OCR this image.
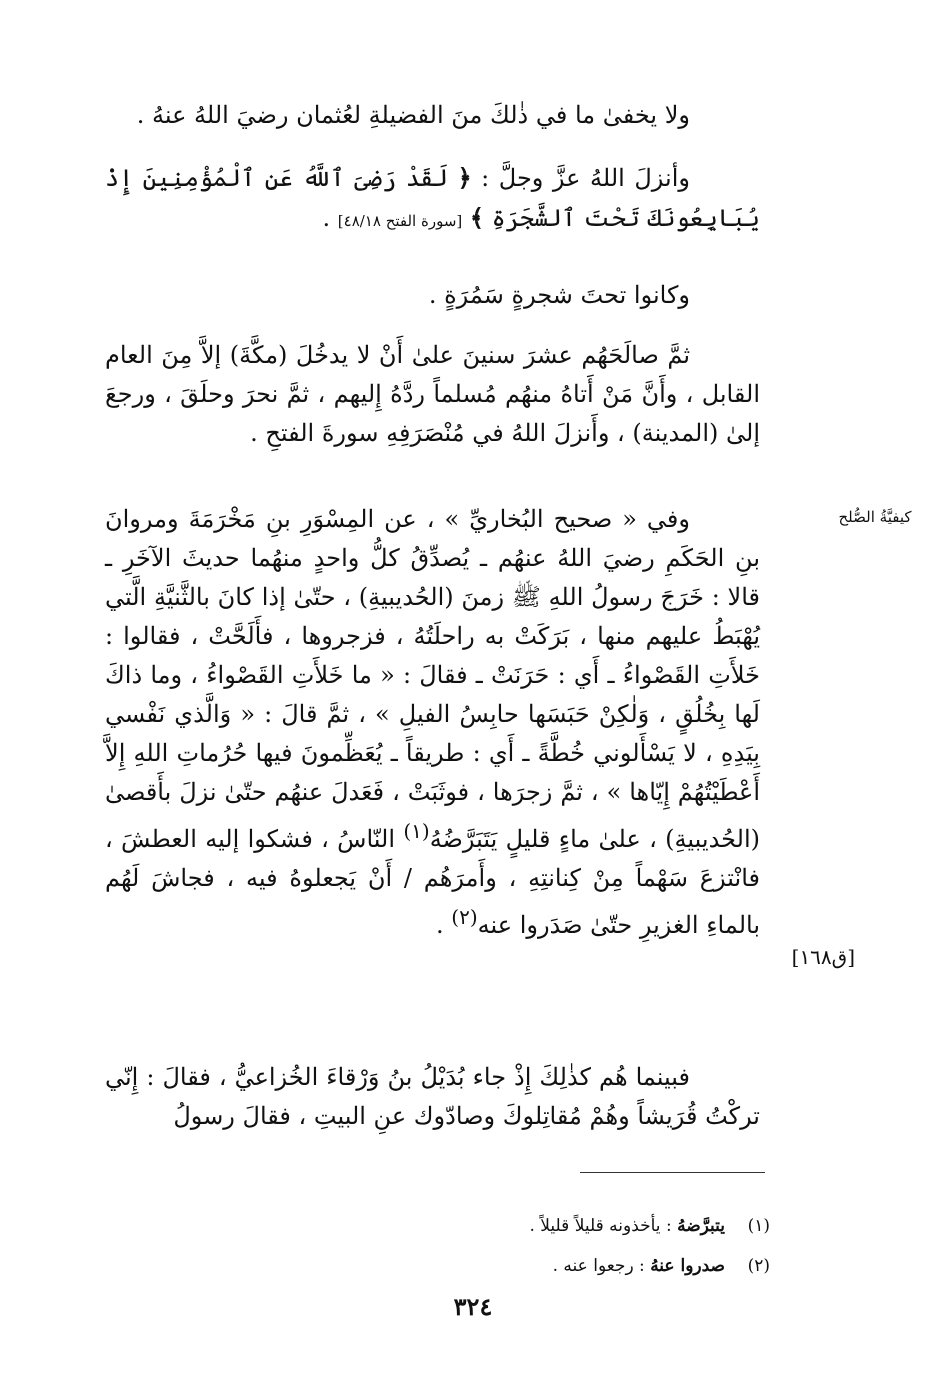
ولا يخفىٰ ما في ذٰلكَ منَ الفضيلةِ لعُثمان رضيَ اللهُ عنهُ .

وأنزلَ اللهُ عزَّ وجلَّ : ﴿ لَقَدْ رَضِىَ ٱللَّهُ عَنِ ٱلْمُؤْمِنِينَ إِذْ يُبَايِعُونَكَ تَحْتَ ٱلشَّجَرَةِ ﴾ [سورة الفتح ٤٨/١٨] .

وكانوا تحتَ شجرةٍ سَمُرَةٍ .

ثمَّ صالَحَهُم عشرَ سنينَ علىٰ أَنْ لا يدخُلَ (مكَّةَ) إلاَّ مِنَ العام القابل ، وأَنَّ مَنْ أَتاهُ منهُم مُسلماً ردَّهُ إِليهم ، ثمَّ نحرَ وحلَقَ ، ورجعَ إلىٰ (المدينة) ، وأَنزلَ اللهُ في مُنْصَرَفِهِ سورةَ الفتحِ .

كيفيَّةُ الصُّلح

وفي « صحيح البُخاريِّ » ، عن المِسْوَرِ بنِ مَخْرَمَةَ ومروانَ بنِ الحَكَمِ رضيَ اللهُ عنهُم ـ يُصدِّقُ كلُّ واحدٍ منهُما حديثَ الآخَرِ ـ قالا : خَرَجَ رسولُ اللهِ ﷺ زمنَ (الحُديبيةِ) ، حتّىٰ إذا كانَ بالثَّنيَّةِ الَّتي يُهْبَطُ عليهم منها ، بَرَكَتْ به راحلَتُهُ ، فزجروها ، فأَلَحَّتْ ، فقالوا : خَلأَتِ القَصْواءُ ـ أَي : حَرَنَتْ ـ فقالَ : « ما خَلأَتِ القَصْواءُ ، وما ذاكَ لَها بِخُلُقٍ ، وَلٰكِنْ حَبَسَها حابِسُ الفيلِ » ، ثمَّ قالَ : « وَالَّذي نَفْسي بِيَدِهِ ، لا يَسْأَلوني خُطَّةً ـ أَي : طريقاً ـ يُعَظِّمونَ فيها حُرُماتِ اللهِ إِلاَّ أَعْطَيْتُهُمْ إِيّاها » ، ثمَّ زجرَها ، فوثَبَتْ ، فَعَدلَ عنهُم حتّىٰ نزلَ بأَقصىٰ (الحُديبيةِ) ، علىٰ ماءٍ قليلٍ يَتَبَرَّضُهُ$^{(١)}$ النّاسُ ، فشكوا إليه العطشَ ، فانْتزعَ سَهْماً مِنْ كِنانتِهِ ، وأَمرَهُم / أَنْ يَجعلوهُ فيه ، فجاشَ لَهُم بالماءِ الغزيرِ حتّىٰ صَدَروا عنه$^{(٢)}$ .

[ق١٦٨]

فبينما هُم كذٰلِكَ إِذْ جاء بُدَيْلُ بنُ وَرْقاءَ الخُزاعيُّ ، فقالَ : إِنّي تركْتُ قُرَيشاً وهُمْ مُقاتِلوكَ وصادّوك عنِ البيتِ ، فقالَ رسولُ

(١)يتبرَّضهُ : يأخذونه قليلاً قليلاً .
(٢)صدروا عنهُ : رجعوا عنه .
٣٢٤
